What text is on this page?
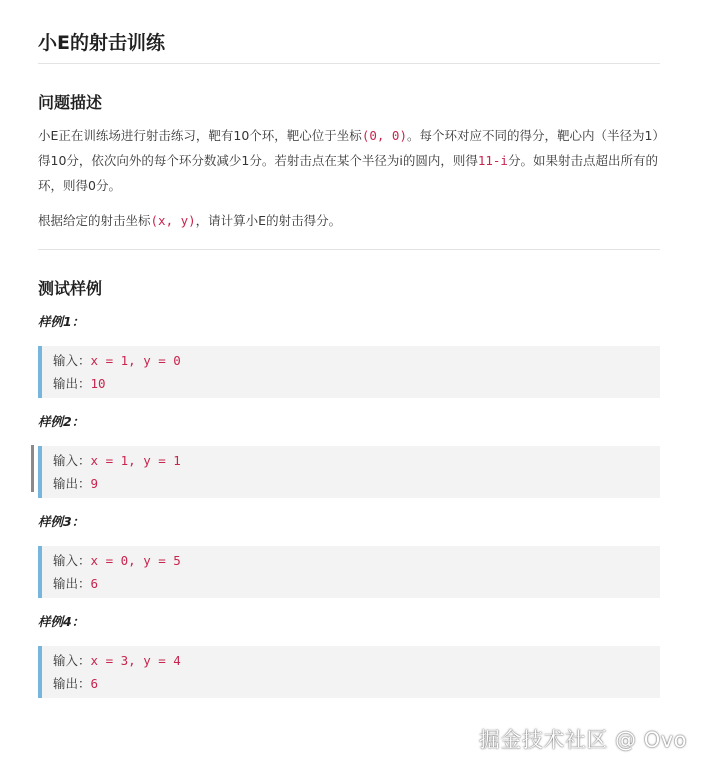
小E的射击训练
问题描述

小E正在训练场进行射击练习，靶有10个环，靶心位于坐标(0, 0)。每个环对应不同的得分，靶心内（半径为1）得10分，依次向外的每个环分数减少1分。若射击点在某个半径为i的圆内，则得11-i分。如果射击点超出所有的环，则得0分。

根据给定的射击坐标(x, y)，请计算小E的射击得分。

测试样例
样例1：
输入：x = 1, y = 0
输出：10
样例2：
输入：x = 1, y = 1
输出：9
样例3：
输入：x = 0, y = 5
输出：6
样例4：
输入：x = 3, y = 4
输出：6
掘金技术社区 @ Ovo
